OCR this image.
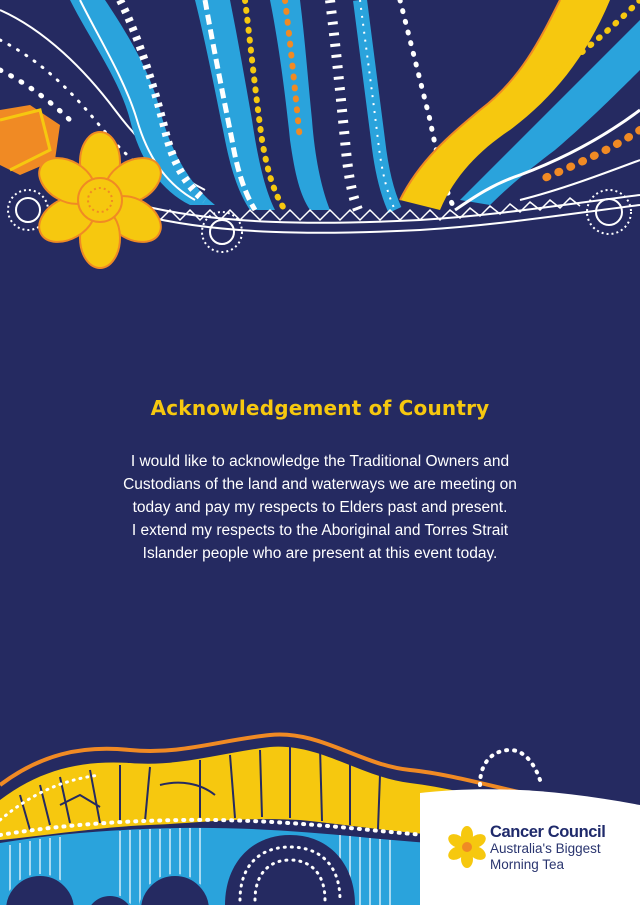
Acknowledgement of Country
I would like to acknowledge the Traditional Owners and
Custodians of the land and waterways we are meeting on
today and pay my respects to Elders past and present.
I extend my respects to the Aboriginal and Torres Strait
Islander people who are present at this event today.
Cancer Council
Australia's Biggest
Morning Tea
